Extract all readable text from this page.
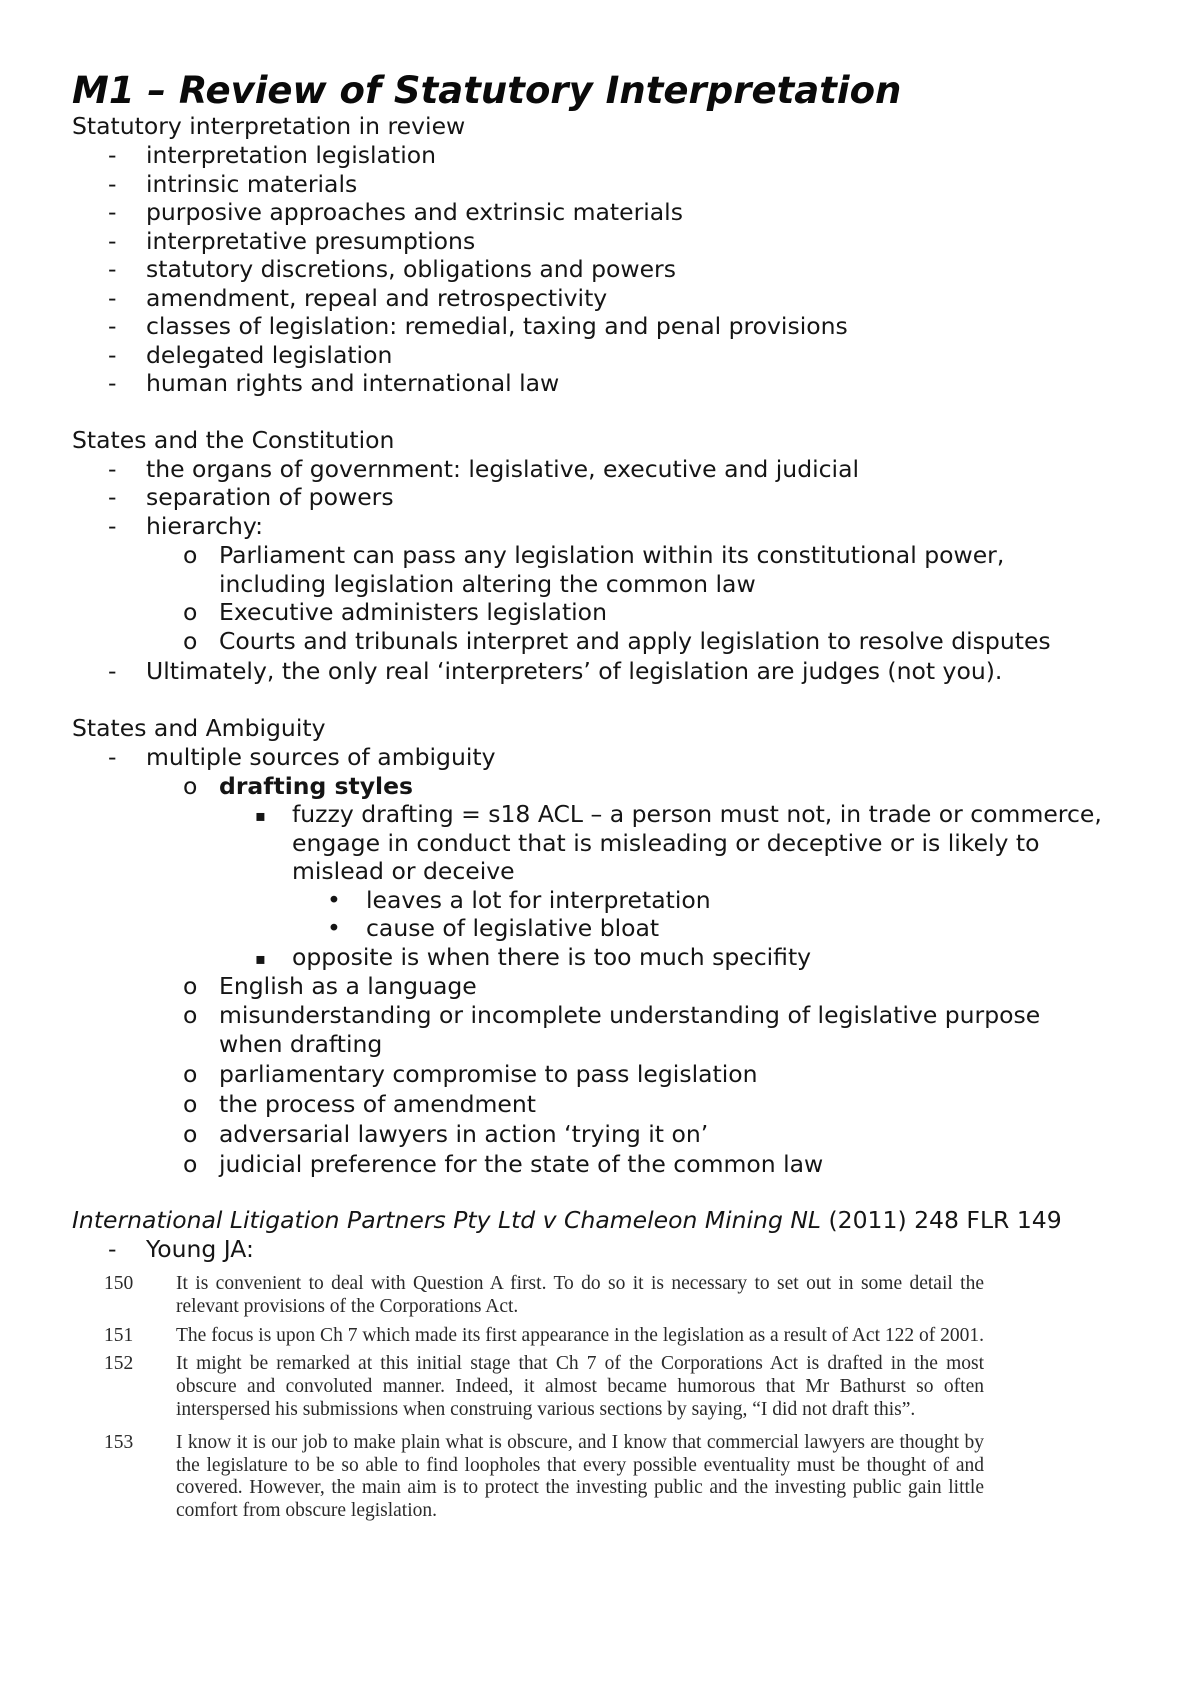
M1 – Review of Statutory Interpretation
Statutory interpretation in review
- interpretation legislation
- intrinsic materials
- purposive approaches and extrinsic materials
- interpretative presumptions
- statutory discretions, obligations and powers
- amendment, repeal and retrospectivity
- classes of legislation: remedial, taxing and penal provisions
- delegated legislation
- human rights and international law
States and the Constitution
- the organs of government: legislative, executive and judicial
- separation of powers
- hierarchy:
o Parliament can pass any legislation within its constitutional power,
including legislation altering the common law
o Executive administers legislation
o Courts and tribunals interpret and apply legislation to resolve disputes
- Ultimately, the only real ‘interpreters’ of legislation are judges (not you).
States and Ambiguity
- multiple sources of ambiguity
o drafting styles
▪ fuzzy drafting = s18 ACL – a person must not, in trade or commerce,
engage in conduct that is misleading or deceptive or is likely to
mislead or deceive
• leaves a lot for interpretation
• cause of legislative bloat
▪ opposite is when there is too much specifity
o English as a language
o misunderstanding or incomplete understanding of legislative purpose
when drafting
o parliamentary compromise to pass legislation
o the process of amendment
o adversarial lawyers in action ‘trying it on’
o judicial preference for the state of the common law
International Litigation Partners Pty Ltd v Chameleon Mining NL (2011) 248 FLR 149
- Young JA:
150 It is convenient to deal with Question A first. To do so it is necessary to set out in some detail the relevant provisions of the Corporations Act.
151 The focus is upon Ch 7 which made its first appearance in the legislation as a result of Act 122 of 2001.
152 It might be remarked at this initial stage that Ch 7 of the Corporations Act is drafted in the most obscure and convoluted manner. Indeed, it almost became humorous that Mr Bathurst so often interspersed his submissions when construing various sections by saying, “I did not draft this”.
153 I know it is our job to make plain what is obscure, and I know that commercial lawyers are thought by the legislature to be so able to find loopholes that every possible eventuality must be thought of and covered. However, the main aim is to protect the investing public and the investing public gain little comfort from obscure legislation.
